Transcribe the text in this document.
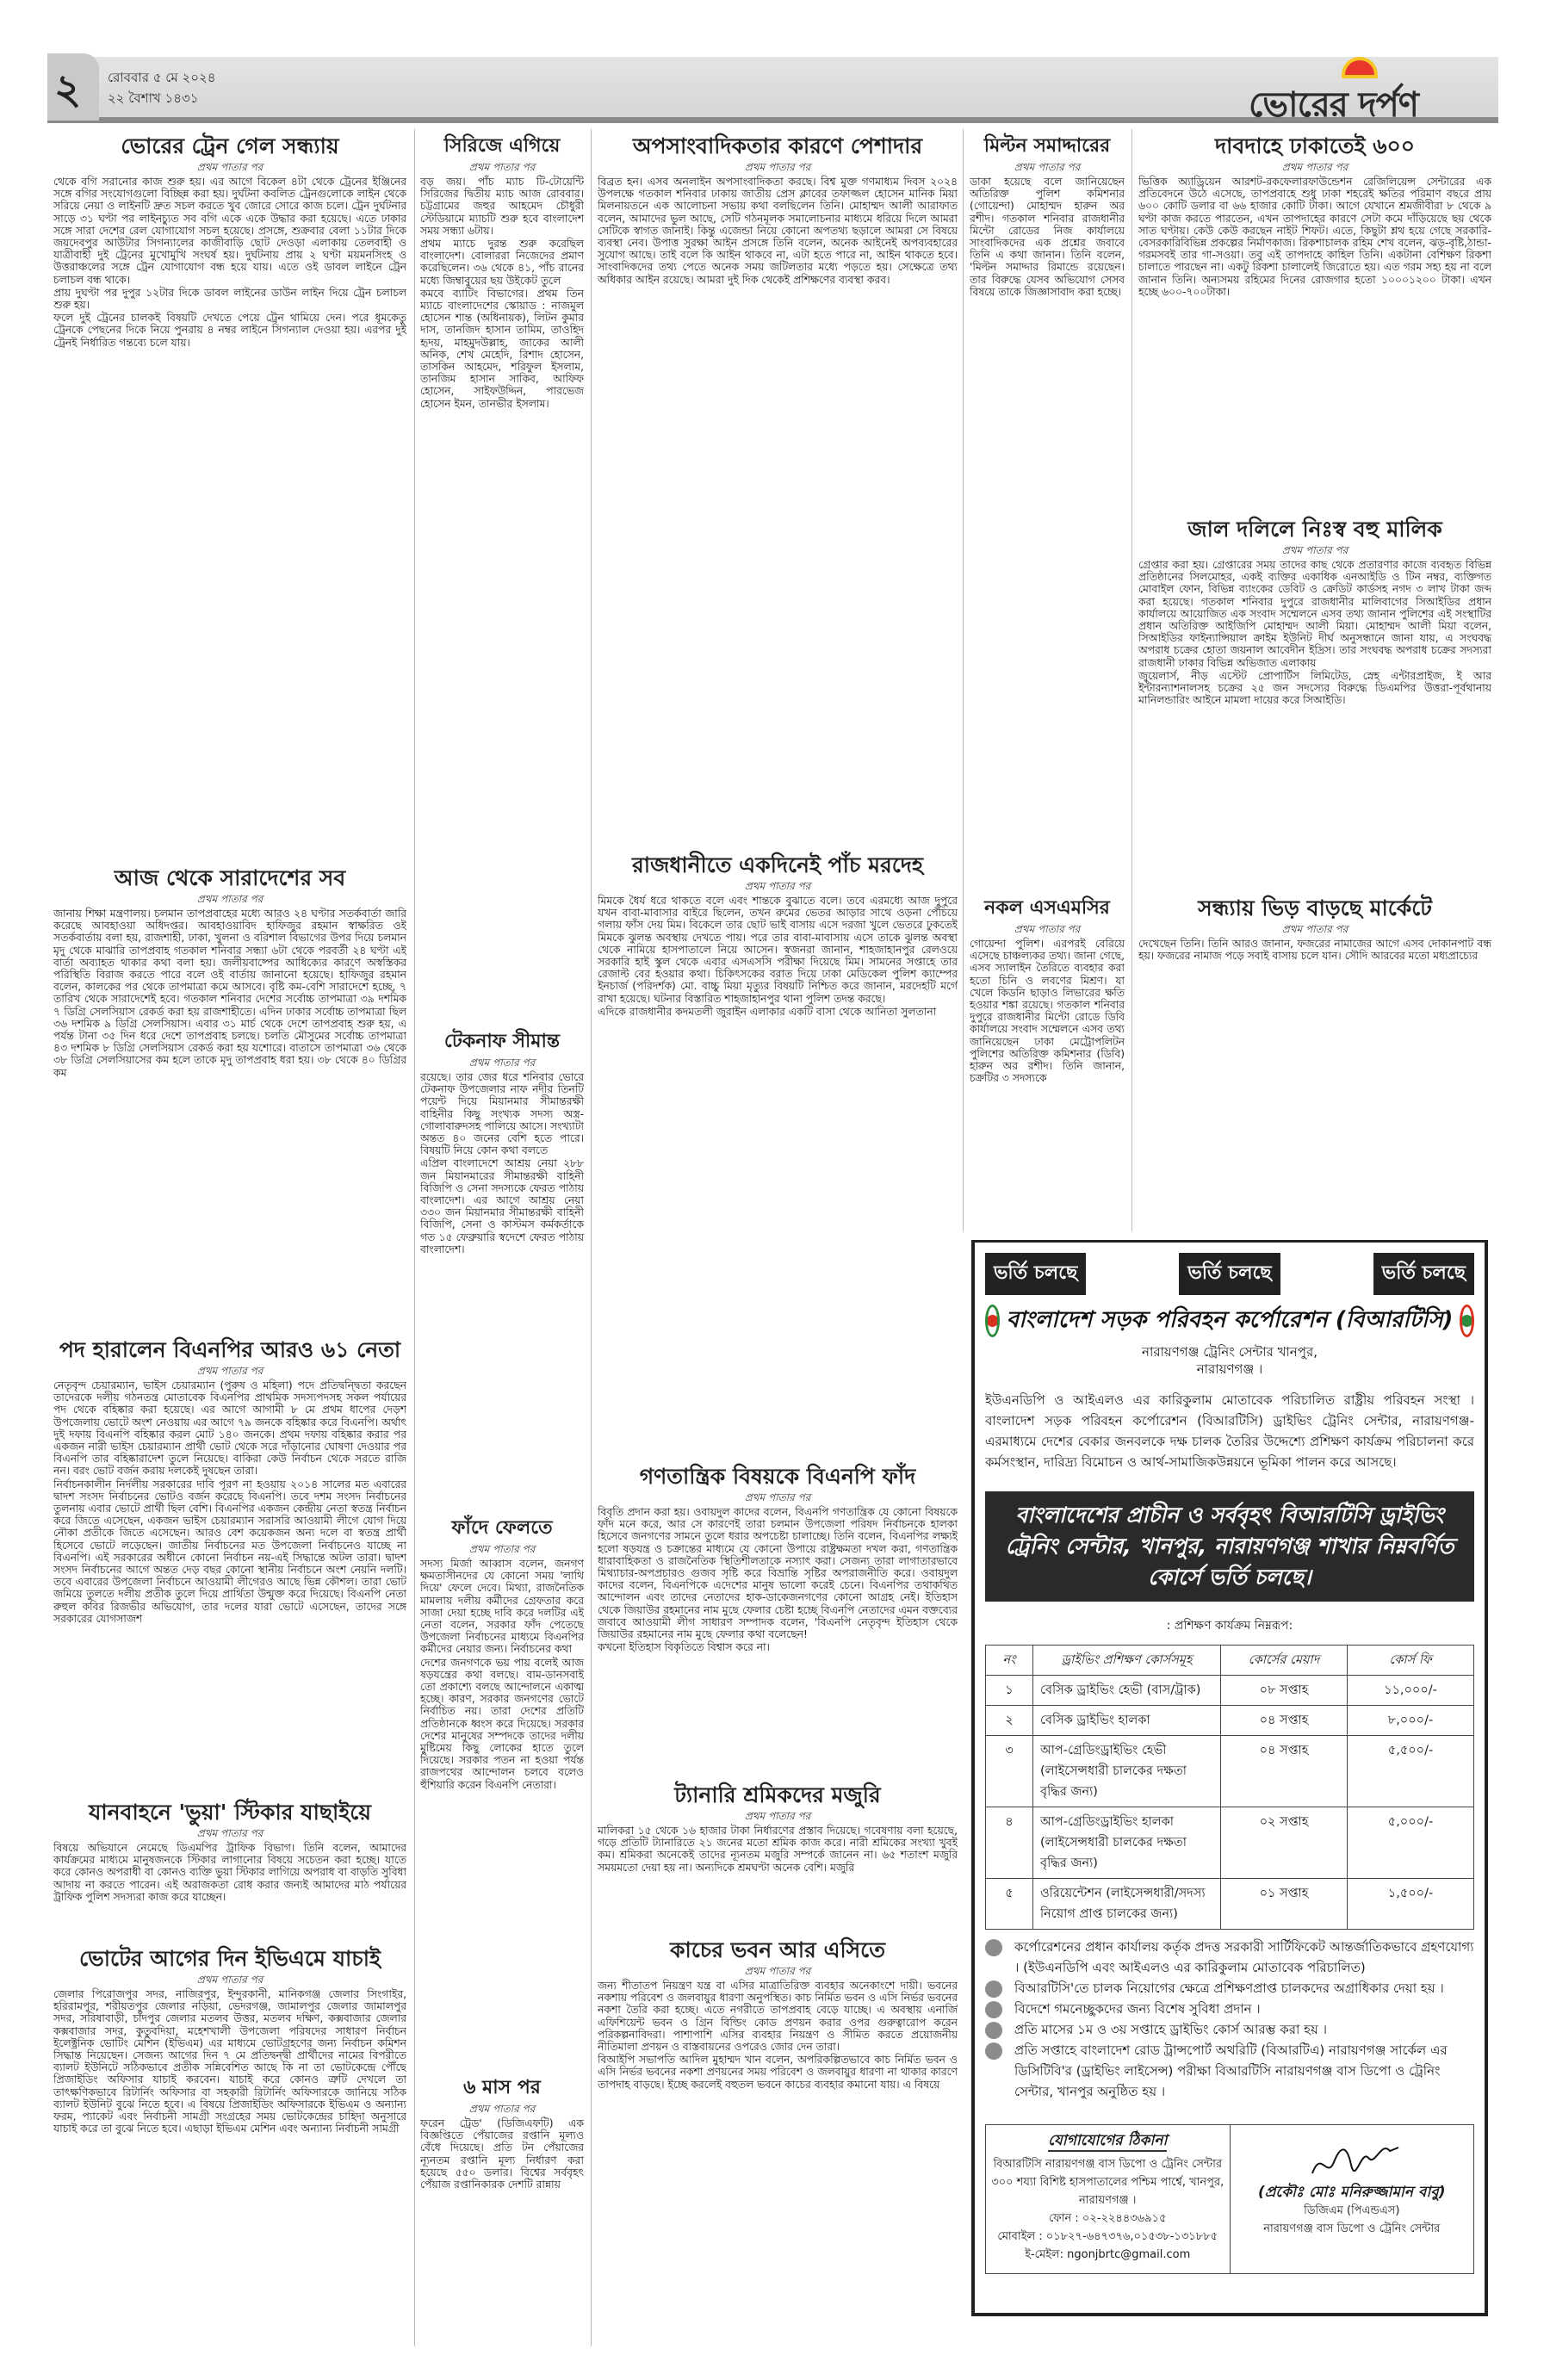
২ রোববার ৫ মে ২০২৪
২২ বৈশাখ ১৪৩১	ভোরের দর্পণ
ভোরের ট্রেন গেল সন্ধ্যায়
প্রথম পাতার পর

থেকে বগি সরানোর কাজ শুরু হয়। এর আগে বিকেল ৪টা থেকে ট্রেনের ইঞ্জিনের সঙ্গে বগির সংযোগগুলো বিচ্ছিন্ন করা হয়। দুর্ঘটনা কবলিত ট্রেনগুলোকে লাইন থেকে সরিয়ে নেয়া ও লাইনটি দ্রুত সচল করতে খুব জোরে সোরে কাজ চলে। ট্রেন দুর্ঘটনার সাড়ে ৩১ ঘণ্টা পর লাইনচ্যুত সব বগি একে একে উদ্ধার করা হয়েছে। এতে ঢাকার সঙ্গে সারা দেশের রেল যোগাযোগ সচল হয়েছে। প্রসঙ্গে, শুক্রবার বেলা ১১টার দিকে জয়দেবপুর আউটার সিগন্যালের কাজীবাড়ি ছোট দেওড়া এলাকায় তেলবাহী ও যাত্রীবাহী দুই ট্রেনের মুখোমুখি সংঘর্ষ হয়। দুর্ঘটনায় প্রায় ২ ঘণ্টা ময়মনসিংহ ও উত্তরাঞ্চলের সঙ্গে ট্রেন যোগাযোগ বন্ধ হয়ে যায়। এতে ওই ডাবল লাইনে ট্রেন চলাচল বন্ধ থাকে।

প্রায় দুঘণ্টা পর দুপুর ১২টার দিকে ডাবল লাইনের ডাউন লাইন দিয়ে ট্রেন চলাচল শুরু হয়।

ফলে দুই ট্রেনের চালকই বিষয়টি দেখতে পেয়ে ট্রেন থামিয়ে দেন। পরে ধূমকেতু ট্রেনকে পেছনের দিকে নিয়ে পুনরায় ৪ নম্বর লাইনে সিগন্যাল দেওয়া হয়। এরপর দুই ট্রেনই নির্ধারিত গন্তব্যে চলে যায়।

আজ থেকে সারাদেশের সব
প্রথম পাতার পর

জানায় শিক্ষা মন্ত্রণালয়। চলমান তাপপ্রবাহের মধ্যে আরও ২৪ ঘণ্টার সতর্কবার্তা জারি করেছে আবহাওয়া অধিদপ্তর। আবহাওয়াবিদ হাফিজুর রহমান স্বাক্ষরিত ওই সতর্কবার্তায় বলা হয়, রাজশাহী, ঢাকা, খুলনা ও বরিশাল বিভাগের উপর দিয়ে চলমান মৃদু থেকে মাঝারি তাপপ্রবাহ গতকাল শনিবার সন্ধ্যা ৬টা থেকে পরবর্তী ২৪ ঘণ্টা এই বার্তা অব্যাহত থাকার কথা বলা হয়। জলীয়বাষ্পের আধিক্যের কারণে অস্বস্তিকর পরিস্থিতি বিরাজ করতে পারে বলে ওই বার্তায় জানানো হয়েছে। হাফিজুর রহমান বলেন, কালকের পর থেকে তাপমাত্রা কমে আসবে। বৃষ্টি কম-বেশি সারাদেশে হচ্ছে, ৭ তারিখ থেকে সারাদেশেই হবে। গতকাল শনিবার দেশের সর্বোচ্চ তাপমাত্রা ৩৯ দশমিক ৭ ডিগ্রি সেলসিয়াস রেকর্ড করা হয় রাজশাহীতে। এদিন ঢাকার সর্বোচ্চ তাপমাত্রা ছিল ৩৬ দশমিক ৯ ডিগ্রি সেলসিয়াস। এবার ৩১ মার্চ থেকে দেশে তাপপ্রবাহ শুরু হয়, এ পর্যন্ত টানা ৩৫ দিন ধরে দেশে তাপপ্রবাহ চলছে। চলতি মৌসুমের সর্বোচ্চ তাপমাত্রা ৪৩ দশমিক ৮ ডিগ্রি সেলসিয়াস রেকর্ড করা হয় যশোরে। বাতাসে তাপমাত্রা ৩৬ থেকে ৩৮ ডিগ্রি সেলসিয়াসের কম হলে তাকে মৃদু তাপপ্রবাহ ধরা হয়। ৩৮ থেকে ৪০ ডিগ্রির কম

পদ হারালেন বিএনপির আরও ৬১ নেতা
প্রথম পাতার পর

নেতৃবৃন্দ চেয়ারম্যান, ভাইস চেয়ারম্যান (পুরুষ ও মহিলা) পদে প্রতিদ্বন্দ্বিতা করছেন তাদেরকে দলীয় গঠনতন্ত্র মোতাবেক বিএনপির প্রাথমিক সদস্যপদসহ সকল পর্যায়ের পদ থেকে বহিষ্কার করা হয়েছে। এর আগে আগামী ৮ মে প্রথম ধাপের দেড়শ উপজেলায় ভোটে অংশ নেওয়ায় এর আগে ৭৯ জনকে বহিষ্কার করে বিএনপি। অর্থাৎ দুই দফায় বিএনপি বহিষ্কার করল মোট ১৪০ জনকে। প্রথম দফায় বহিষ্কার করার পর একজন নারী ভাইস চেয়ারম্যান প্রার্থী ভোট থেকে সরে দাঁড়ানোর ঘোষণা দেওয়ার পর বিএনপি তার বহিষ্কারাদেশ তুলে নিয়েছে। বাকিরা কেউ নির্বাচন থেকে সরতে রাজি নন। বরং ভোট বর্জন করায় দলকেই দুষছেন তারা।

নির্বাচনকালীন নির্দলীয় সরকারের দাবি পূরণ না হওয়ায় ২০১৪ সালের মত এবারের দ্বাদশ সংসদ নির্বাচনের ভোটও বর্জন করেছে বিএনপি। তবে দশম সংসদ নির্বাচনের তুলনায় এবার ভোটে প্রার্থী ছিল বেশি। বিএনপির একজন কেন্দ্রীয় নেতা স্বতন্ত্র নির্বাচন করে জিতে এসেছেন, একজন ভাইস চেয়ারম্যান সরাসরি আওয়ামী লীগে যোগ দিয়ে নৌকা প্রতীকে জিতে এসেছেন। আরও বেশ কয়েকজন অন্য দলে বা স্বতন্ত্র প্রার্থী হিসেবে ভোটে লড়েছেন। জাতীয় নির্বাচনের মত উপজেলা নির্বাচনেও যাচ্ছে না বিএনপি। এই সরকারের অধীনে কোনো নির্বাচন নয়-এই সিদ্ধান্তে অটল তারা। দ্বাদশ সংসদ নির্বাচনের আগে অন্তত দেড় বছর কোনো স্থানীয় নির্বাচনে অংশ নেয়নি দলটি। তবে এবারের উপজেলা নির্বাচনে আওয়ামী লীগেরও আছে ভিন্ন কৌশল। তারা ভোট জমিয়ে তুলতে দলীয় প্রতীক তুলে দিয়ে প্রার্থিতা উন্মুক্ত করে দিয়েছে। বিএনপি নেতা রুহুল কবির রিজভীর অভিযোগ, তার দলের যারা ভোটে এসেছেন, তাদের সঙ্গে সরকারের যোগসাজশ

যানবাহনে 'ভুয়া' স্টিকার যাছাইয়ে
প্রথম পাতার পর

বিষয়ে অভিযানে নেমেছে ডিএমপির ট্রাফিক বিভাগ। তিনি বলেন, আমাদের কার্যক্রমের মাধ্যমে মানুষজনকে স্টিকার লাগানোর বিষয়ে সচেতন করা হচ্ছে। যাতে করে কোনও অপরাধী বা কোনও ব্যক্তি ভুয়া স্টিকার লাগিয়ে অপরাধ বা বাড়তি সুবিধা আদায় না করতে পারেন। এই অরাজকতা রোধ করার জন্যই আমাদের মাঠ পর্যায়ের ট্রাফিক পুলিশ সদস্যরা কাজ করে যাচ্ছেন।

ভোটের আগের দিন ইভিএমে যাচাই
প্রথম পাতার পর

জেলার পিরোজপুর সদর, নাজিরপুর, ইন্দুরকানী, মানিকগঞ্জ জেলার সিংগাইর, হরিরামপুর, শরীয়তপুর জেলার নড়িয়া, ভেদরগঞ্জ, জামালপুর জেলার জামালপুর সদর, সরিষাবাড়ী, চাঁদপুর জেলার মতলব উত্তর, মতলব দক্ষিণ, কক্সবাজার জেলার কক্সবাজার সদর, কুতুবদিয়া, মহেশখালী উপজেলা পরিষদের সাধারণ নির্বাচন ইলেক্ট্রনিক ভোটিং মেশিন (ইভিএম) এর মাধ্যমে ভোটগ্রহণের জন্য নির্বাচন কমিশন সিদ্ধান্ত নিয়েছেন। সেজন্য আগের দিন ৭ মে প্রতিদ্বন্দ্বী প্রার্থীদের নামের বিপরীতে ব্যালট ইউনিটে সঠিকভাবে প্রতীক সন্নিবেশিত আছে কি না তা ভোটকেন্দ্রে পৌঁছে প্রিজাইডিং অফিসার যাচাই করবেন। যাচাই করে কোনও ত্রুটি দেখলে তা তাৎক্ষণিকভাবে রিটার্নিং অফিসার বা সহকারী রিটার্নিং অফিসারকে জানিয়ে সঠিক ব্যালট ইউনিট বুঝে নিতে হবে। এ বিষয়ে প্রিজাইডিং অফিসারকে ইভিএম ও অন্যান্য ফরম, প্যাকেট এবং নির্বাচনী সামগ্রী সংগ্রহের সময় ভোটকেন্দ্রের চাহিদা অনুসারে যাচাই করে তা বুঝে নিতে হবে। এছাড়া ইভিএম মেশিন এবং অন্যান্য নির্বাচনী সামগ্রী

সিরিজে এগিয়ে
প্রথম পাতার পর

বড় জয়। পাঁচ ম্যাচ টি-টোয়েন্টি সিরিজের দ্বিতীয় ম্যাচ আজ রোববার। চট্টগ্রামের জহুর আহমেদ চৌধুরী স্টেডিয়ামে ম্যাচটি শুরু হবে বাংলাদেশ সময় সন্ধ্যা ৬টায়।

প্রথম ম্যাচে দুরন্ত শুরু করেছিল বাংলাদেশ। বোলাররা নিজেদের প্রমাণ করেছিলেন। ৩৬ থেকে ৪১, পাঁচ রানের মধ্যে জিম্বাবুয়ের ছয় উইকেট তুলে

কমবে ব্যাটিং বিভাগের। প্রথম তিন ম্যাচে বাংলাদেশের স্কোয়াড : নাজমুল হোসেন শান্ত (অধিনায়ক), লিটন কুমার দাস, তানজিদ হাসান তামিম, তাওহিদ হৃদয়, মাহমুদউল্লাহ, জাকের আলী অনিক, শেখ মেহেদি, রিশাদ হোসেন, তাসকিন আহমেদ, শরিফুল ইসলাম, তানজিম হাসান সাকিব, আফিফ হোসেন, সাইফউদ্দিন, পারভেজ হোসেন ইমন, তানভীর ইসলাম।

টেকনাফ সীমান্ত
প্রথম পাতার পর

রয়েছে। তার জের ধরে শনিবার ভোরে টেকনাফ উপজেলার নাফ নদীর তিনটি পয়েন্ট দিয়ে মিয়ানমার সীমান্তরক্ষী বাহিনীর কিছু সংখ্যক সদস্য অস্ত্র-গোলাবারুদসহ পালিয়ে আসে। সংখ্যাটা অন্তত ৪০ জনের বেশি হতে পারে। বিষয়টি নিয়ে কোন কথা বলতে

এপ্রিল বাংলাদেশে আশ্রয় নেয়া ২৮৮ জন মিয়ানমারের সীমান্তরক্ষী বাহিনী বিজিপি ও সেনা সদস্যকে ফেরত পাঠায় বাংলাদেশ। এর আগে আশ্রয় নেয়া ৩৩০ জন মিয়ানমার সীমান্তরক্ষী বাহিনী বিজিপি, সেনা ও কাস্টমস কর্মকর্তাকে গত ১৫ ফেব্রুয়ারি স্বদেশে ফেরত পাঠায় বাংলাদেশ।

ফাঁদে ফেলতে
প্রথম পাতার পর

সদস্য মির্জা আব্বাস বলেন, জনগণ ক্ষমতাসীনদের যে কোনো সময় 'লাথি দিয়ে' ফেলে দেবে। মিথ্যা, রাজনৈতিক মামলায় দলীয় কর্মীদের গ্রেফতার করে সাজা দেয়া হচ্ছে দাবি করে দলটির এই নেতা বলেন, সরকার ফাঁদ পেতেছে উপজেলা নির্বাচনের মাধ্যমে বিএনপির কর্মীদের নেয়ার জন্য। নির্বাচনের কথা

দেশের জনগণকে ভয় পায় বলেই আজ ষড়যন্ত্রের কথা বলছে। বাম-ডানসবাই তো প্রকাশ্যে বলছে আন্দোলনে একাত্ম হচ্ছে। কারণ, সরকার জনগণের ভোটে নির্বাচিত নয়। তারা দেশের প্রতিটি প্রতিষ্ঠানকে ধ্বংস করে দিয়েছে। সরকার দেশের মানুষের সম্পদকে তাদের দলীয় মুষ্টিমেয় কিছু লোকের হাতে তুলে দিয়েছে। সরকার পতন না হওয়া পর্যন্ত রাজপথের আন্দোলন চলবে বলেও হুঁশিয়ারি করেন বিএনপি নেতারা।

৬ মাস পর
প্রথম পাতার পর

ফরেন ট্রেড' (ডিজিএফটি) এক বিজ্ঞপ্তিতে পেঁয়াজের রপ্তানি মূল্যও বেঁধে দিয়েছে। প্রতি টন পেঁয়াজের ন্যূনতম রপ্তানি মূল্য নির্ধারণ করা হয়েছে ৫৫০ ডলার। বিশ্বের সর্ববৃহৎ পেঁয়াজ রপ্তানিকারক দেশটি রান্নায়

অপসাংবাদিকতার কারণে পেশাদার
প্রথম পাতার পর

বিব্রত হন। এসব অনলাইন অপসাংবাদিকতা করছে। বিশ্ব মুক্ত গণমাধ্যম দিবস ২০২৪ উপলক্ষে গতকাল শনিবার ঢাকায় জাতীয় প্রেস ক্লাবের তফাজ্জল হোসেন মানিক মিয়া মিলনায়তনে এক আলোচনা সভায় কথা বলছিলেন তিনি। মোহাম্মদ আলী আরাফাত বলেন, আমাদের ভুল আছে, সেটি গঠনমূলক সমালোচনার মাধ্যমে ধরিয়ে দিলে আমরা সেটিকে স্বাগত জানাই। কিন্তু এজেন্ডা নিয়ে কোনো অপতথ্য ছড়ালে আমরা সে বিষয়ে ব্যবস্থা নেব। উপাত্ত সুরক্ষা আইন প্রসঙ্গে তিনি বলেন, অনেক আইনেই অপব্যবহারের সুযোগ আছে। তাই বলে কি আইন থাকবে না, এটা হতে পারে না, আইন থাকতে হবে। সাংবাদিকদের তথ্য পেতে অনেক সময় জটিলতার মধ্যে পড়তে হয়। সেক্ষেত্রে তথ্য অধিকার আইন রয়েছে। আমরা দুই দিক থেকেই প্রশিক্ষণের ব্যবস্থা করব।

রাজধানীতে একদিনেই পাঁচ মরদেহ
প্রথম পাতার পর

মিমকে ধৈর্য ধরে থাকতে বলে এবং শান্তকে বুঝাতে বলে। তবে এরমধ্যে আজ দুপুরে যখন বাবা-মাবাসার বাইরে ছিলেন, তখন রুমের ভেতর আড়ার সাথে ওড়না পেঁচিয়ে গলায় ফাঁস দেয় মিম। বিকেলে তার ছোট ভাই বাসায় এসে দরজা খুলে ভেতরে ঢুকতেই মিমকে ঝুলন্ত অবস্থায় দেখতে পায়। পরে তার বাবা-মাবাসায় এসে তাকে ঝুলন্ত অবস্থা থেকে নামিয়ে হাসপাতালে নিয়ে আসেন। স্বজনরা জানান, শাহজাহানপুর রেলওয়ে সরকারি হাই স্কুল থেকে এবার এসএসসি পরীক্ষা দিয়েছে মিম। সামনের সপ্তাহে তার রেজাল্ট বের হওয়ার কথা। চিকিৎসকের বরাত দিয়ে ঢাকা মেডিকেল পুলিশ ক্যাম্পের ইনচার্জ (পরিদর্শক) মো. বাচ্চু মিয়া মৃত্যুর বিষয়টি নিশ্চিত করে জানান, মরদেহটি মর্গে রাখা হয়েছে। ঘটনার বিস্তারিত শাহজাহানপুর থানা পুলিশ তদন্ত করছে।

এদিকে রাজধানীর কদমতলী জুরাইন এলাকার একটি বাসা থেকে আনিতা সুলতানা

গণতান্ত্রিক বিষয়কে বিএনপি ফাঁদ
প্রথম পাতার পর

বিবৃতি প্রদান করা হয়। ওবায়দুল কাদের বলেন, বিএনপি গণতান্ত্রিক যে কোনো বিষয়কে ফাঁদ মনে করে, আর সে কারণেই তারা চলমান উপজেলা পরিষদ নির্বাচনকে হালকা হিসেবে জনগণের সামনে তুলে ধরার অপচেষ্টা চালাচ্ছে। তিনি বলেন, বিএনপির লক্ষ্যই হলো ষড়যন্ত্র ও চক্রান্তের মাধ্যমে যে কোনো উপায়ে রাষ্ট্রক্ষমতা দখল করা, গণতান্ত্রিক ধারাবাহিকতা ও রাজনৈতিক স্থিতিশীলতাকে নস্যাৎ করা। সেজন্য তারা লাগাতারভাবে মিথ্যাচার-অপপ্রচারও গুজব সৃষ্টি করে বিভ্রান্তি সৃষ্টির অপরাজনীতি করে। ওবায়দুল কাদের বলেন, বিএনপিকে এদেশের মানুষ ভালো করেই চেনে। বিএনপির তথাকথিত আন্দোলন এবং তাদের নেতাদের হাক-ডাকেজনগণের কোনো আগ্রহ নেই। ইতিহাস থেকে জিয়াউর রহমানের নাম মুছে ফেলার চেষ্টা হচ্ছে বিএনপি নেতাদের এমন বক্তব্যের জবাবে আওয়ামী লীগ সাধারণ সম্পাদক বলেন, 'বিএনপি নেতৃবৃন্দ ইতিহাস থেকে জিয়াউর রহমানের নাম মুছে ফেলার কথা বলেছেন!

কখনো ইতিহাস বিকৃতিতে বিশ্বাস করে না।

ট্যানারি শ্রমিকদের মজুরি
প্রথম পাতার পর

মালিকরা ১৫ থেকে ১৬ হাজার টাকা নির্ধারণের প্রস্তাব দিয়েছে। গবেষণায় বলা হয়েছে, গড়ে প্রতিটি ট্যানারিতে ২১ জনের মতো শ্রমিক কাজ করে। নারী শ্রমিকের সংখ্যা খুবই কম। শ্রমিকরা অনেকেই তাদের ন্যূনতম মজুরি সম্পর্কে জানেন না। ৬৫ শতাংশ মজুরি সময়মতো দেয়া হয় না। অন্যদিকে শ্রমঘণ্টা অনেক বেশি। মজুরি

কাচের ভবন আর এসিতে
প্রথম পাতার পর

জন্য শীতাতপ নিয়ন্ত্রণ যন্ত্র বা এসির মাত্রাতিরিক্ত ব্যবহার অনেকাংশে দায়ী। ভবনের নকশায় পরিবেশ ও জলবায়ুর ধারণা অনুপস্থিত। কাচ নির্মিত ভবন ও এসি নির্ভর ভবনের নকশা তৈরি করা হচ্ছে। এতে নগরীতে তাপপ্রবাহ বেড়ে যাচ্ছে। এ অবস্থায় এনার্জি এফিশিয়েন্ট ভবন ও গ্রিন বিল্ডিং কোড প্রণয়ন করার ওপর গুরুত্বারোপ করেন পরিকল্পনাবিদরা। পাশাপাশি এসির ব্যবহার নিয়ন্ত্রণ ও সীমিত করতে প্রয়োজনীয় নীতিমালা প্রণয়ন ও বাস্তবায়নের ওপরেও জোর দেন তারা।

বিআইপি সভাপতি আদিল মুহাম্মদ খান বলেন, অপরিকল্পিতভাবে কাচ নির্মিত ভবন ও এসি নির্ভর ভবনের নকশা প্রণয়নের সময় পরিবেশ ও জলবায়ুর ধারণা না থাকার কারণে তাপদাহ বাড়ছে। ইচ্ছে করলেই বহুতল ভবনে কাচের ব্যবহার কমানো যায়। এ বিষয়ে

মিল্টন সমাদ্দারের
প্রথম পাতার পর

ডাকা হয়েছে বলে জানিয়েছেন অতিরিক্ত পুলিশ কমিশনার (গোয়েন্দা) মোহাম্মদ হারুন অর রশীদ। গতকাল শনিবার রাজধানীর মিন্টো রোডের নিজ কার্যালয়ে সাংবাদিকদের এক প্রশ্নের জবাবে তিনি এ কথা জানান। তিনি বলেন, 'মিল্টন সমাদ্দার রিমান্ডে রয়েছেন। তার বিরুদ্ধে যেসব অভিযোগ সেসব বিষয়ে তাকে জিজ্ঞাসাবাদ করা হচ্ছে।

নকল এসএমসির
প্রথম পাতার পর

গোয়েন্দা পুলিশ। এরপরই বেরিয়ে এসেছে চাঞ্চল্যকর তথ্য। জানা গেছে, এসব স্যালাইন তৈরিতে ব্যবহার করা হতো চিনি ও লবণের মিশ্রণ। যা খেলে কিডনি ছাড়াও লিভারের ক্ষতি হওয়ার শঙ্কা রয়েছে। গতকাল শনিবার দুপুরে রাজধানীর মিন্টো রোডে ডিবি কার্যালয়ে সংবাদ সম্মেলনে এসব তথ্য জানিয়েছেন ঢাকা মেট্রোপলিটন পুলিশের অতিরিক্ত কমিশনার (ডিবি) হারুন অর রশীদ। তিনি জানান, চক্রটির ৩ সদস্যকে

দাবদাহে ঢাকাতেই ৬০০
প্রথম পাতার পর

ভিত্তিক অ্যাড্রিয়েন আরশট-রকফেলারফাউন্ডেশন রেজিলিয়েন্স সেন্টারের এক প্রতিবেদনে উঠে এসেছে, তাপপ্রবাহে শুধু ঢাকা শহরেই ক্ষতির পরিমাণ বছরে প্রায় ৬০০ কোটি ডলার বা ৬৬ হাজার কোটি টাকা। আগে যেখানে শ্রমজীবীরা ৮ থেকে ৯ ঘণ্টা কাজ করতে পারতেন, এখন তাপদাহের কারণে সেটা কমে দাঁড়িয়েছে ছয় থেকে সাত ঘণ্টায়। কেউ কেউ করছেন নাইট শিফট। এতে, কিছুটা শ্লথ হয়ে গেছে সরকারি-বেসরকারিবিভিন্ন প্রকল্পের নির্মাণকাজ। রিকশাচালক রহিম শেখ বলেন, ঝড়-বৃষ্টি,ঠান্ডা-গরমসবই তার গা-সওয়া। তবু এই তাপদাহে কাহিল তিনি। একটানা বেশিক্ষণ রিকশা চালাতে পারছেন না। একটু রিকশা চালালেই জিরোতে হয়। এত গরম সহ্য হয় না বলে জানান তিনি। অন্যসময় রহিমের দিনের রোজগার হতো ১০০০১২০০ টাকা। এখন হচ্ছে ৬০০-৭০০টাকা।

জাল দলিলে নিঃস্ব বহু মালিক
প্রথম পাতার পর

গ্রেপ্তার করা হয়। গ্রেপ্তারের সময় তাদের কাছ থেকে প্রতারণার কাজে ব্যবহৃত বিভিন্ন প্রতিষ্ঠানের সিলমোহর, একই ব্যক্তির একাধিক এনআইডি ও টিন নম্বর, ব্যক্তিগত মোবাইল ফোন, বিভিন্ন ব্যাংকের ডেবিট ও ক্রেডিট কার্ডসহ নগদ ৩ লাখ টাকা জব্দ করা হয়েছে। গতকাল শনিবার দুপুরে রাজধানীর মালিবাগের সিআইডির প্রধান কার্যালয়ে আয়োজিত এক সংবাদ সম্মেলনে এসব তথ্য জানান পুলিশের এই সংস্থাটির প্রধান অতিরিক্ত আইজিপি মোহাম্মদ আলী মিয়া। মোহাম্মদ আলী মিয়া বলেন, সিআইডির ফাইন্যান্সিয়াল ক্রাইম ইউনিট দীর্ঘ অনুসন্ধানে জানা যায়, এ সংঘবদ্ধ অপরাধ চক্রের হোতা জয়নাল আবেদীন ইদ্রিস। তার সংঘবদ্ধ অপরাধ চক্রের সদস্যরা রাজধানী ঢাকার বিভিন্ন অভিজাত এলাকায়

জুয়েলার্স, নীড় এস্টেট প্রোপার্টিস লিমিটেড, স্নেহ এন্টারপ্রাইজ, ই আর ইন্টারন্যাশনালসহ চক্রের ২৫ জন সদস্যের বিরুদ্ধে ডিএমপির উত্তরা-পূর্বথানায় মানিলন্ডারিং আইনে মামলা দায়ের করে সিআইডি।

সন্ধ্যায় ভিড় বাড়ছে মার্কেটে
প্রথম পাতার পর

দেখেছেন তিনি। তিনি আরও জানান, ফজরের নামাজের আগে এসব দোকানপাট বন্ধ হয়। ফজরের নামাজ পড়ে সবাই বাসায় চলে যান। সৌদি আরবের মতো মধ্যপ্রাচ্যের

ভর্তি চলছে	ভর্তি চলছে	ভর্তি চলছে
বাংলাদেশ সড়ক পরিবহন কর্পোরেশন (বিআরটিসি)
নারায়ণগঞ্জ ট্রেনিং সেন্টার খানপুর,
নারায়ণগঞ্জ ।
ইউএনডিপি ও আইএলও এর কারিকুলাম মোতাবেক পরিচালিত রাষ্ট্রীয় পরিবহন সংস্থা । বাংলাদেশ সড়ক পরিবহন কর্পোরেশন (বিআরটিসি) ড্রাইভিং ট্রেনিং সেন্টার, নারায়ণগঞ্জ-এরমাধ্যমে দেশের বেকার জনবলকে দক্ষ চালক তৈরির উদ্দেশ্যে প্রশিক্ষণ কার্যক্রম পরিচালনা করে কর্মসংস্থান, দারিদ্র্য বিমোচন ও আর্থ-সামাজিকউন্নয়নে ভূমিকা পালন করে আসছে।
বাংলাদেশের প্রাচীন ও সর্ববৃহৎ বিআরটিসি ড্রাইভিং ট্রেনিং সেন্টার, খানপুর, নারায়ণগঞ্জ শাখার নিম্নবর্ণিত কোর্সে ভর্তি চলছে।
: প্রশিক্ষণ কার্যক্রম নিম্নরূপ:
নং	ড্রাইভিং প্রশিক্ষণ কোর্সসমূহ	কোর্সের মেয়াদ	কোর্স ফি
১	বেসিক ড্রাইভিং হেভী (বাস/ট্রাক)	০৮ সপ্তাহ	১১,০০০/-
২	বেসিক ড্রাইভিং হালকা	০৪ সপ্তাহ	৮,০০০/-
৩	আপ-গ্রেডিংড্রাইভিং হেভী (লাইসেন্সধারী চালকের দক্ষতা বৃদ্ধির জন্য)	০৪ সপ্তাহ	৫,৫০০/-
৪	আপ-গ্রেডিংড্রাইভিং হালকা (লাইসেন্সধারী চালকের দক্ষতা বৃদ্ধির জন্য)	০২ সপ্তাহ	৫,০০০/-
৫	ওরিয়েন্টেশন (লাইসেন্সধারী/সদস্য নিয়োগ প্রাপ্ত চালকের জন্য)	০১ সপ্তাহ	১,৫০০/-
কর্পোরেশনের প্রধান কার্যালয় কর্তৃক প্রদত্ত সরকারী সার্টিফিকেট আন্তর্জাতিকভাবে গ্রহণযোগ্য । (ইউএনডিপি এবং আইএলও এর কারিকুলাম মোতাবেক পরিচালিত)
বিআরটিসি'তে চালক নিয়োগের ক্ষেত্রে প্রশিক্ষণপ্রাপ্ত চালকদের অগ্রাধিকার দেয়া হয় ।
বিদেশে গমনেচ্ছুকদের জন্য বিশেষ সুবিধা প্রদান ।
প্রতি মাসের ১ম ও ৩য় সপ্তাহে ড্রাইভিং কোর্স আরম্ভ করা হয় ।
প্রতি সপ্তাহে বাংলাদেশ রোড ট্রান্সপোর্ট অথরিটি (বিআরটিএ) নারায়ণগঞ্জ সার্কেল এর ডিসিটিবি'র (ড্রাইভিং লাইসেন্স) পরীক্ষা বিআরটিসি নারায়ণগঞ্জ বাস ডিপো ও ট্রেনিং সেন্টার, খানপুর অনুষ্ঠিত হয় ।
যোগাযোগের ঠিকানা
বিআরটিসি নারায়ণগঞ্জ বাস ডিপো ও ট্রেনিং সেন্টার
৩০০ শয্যা বিশিষ্ট হাসপাতালের পশ্চিম পার্শ্বে, খানপুর,
নারায়ণগঞ্জ ।
ফোন : ০২-২২৪৪৩৬৯১৫
মোবাইল : ০১৮২৭-৬৪৭৩৭৬,০১৫৩৮-১৩১৮৮৫
ই-মেইল: ngonjbrtc@gmail.com
(প্রকৌঃ মোঃ মনিরুজ্জামান বাবু)
ডিজিএম (পিএন্ডএস)
নারায়ণগঞ্জ বাস ডিপো ও ট্রেনিং সেন্টার
